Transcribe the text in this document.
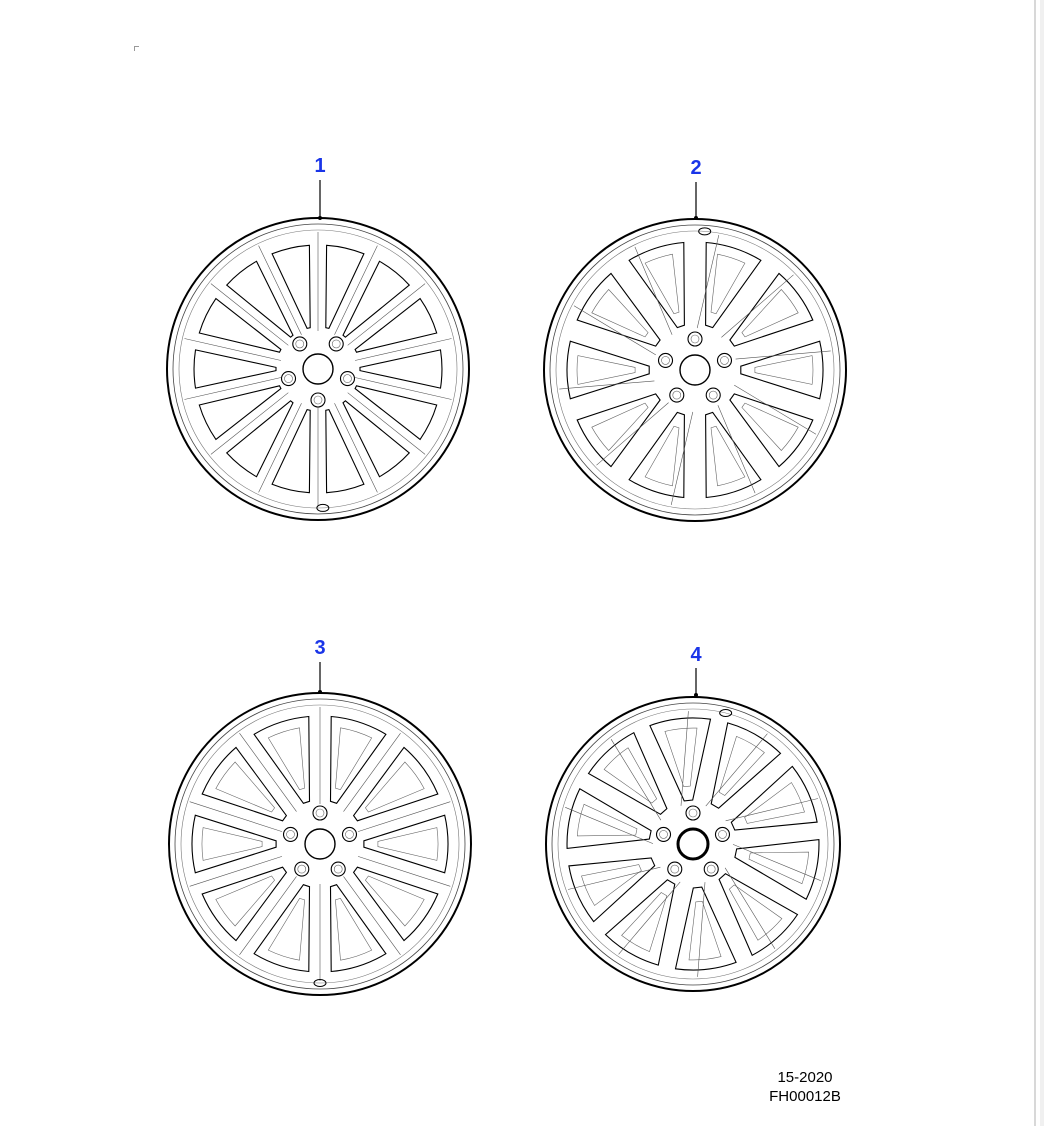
1	2
3	4
15-2020
FH00012B
